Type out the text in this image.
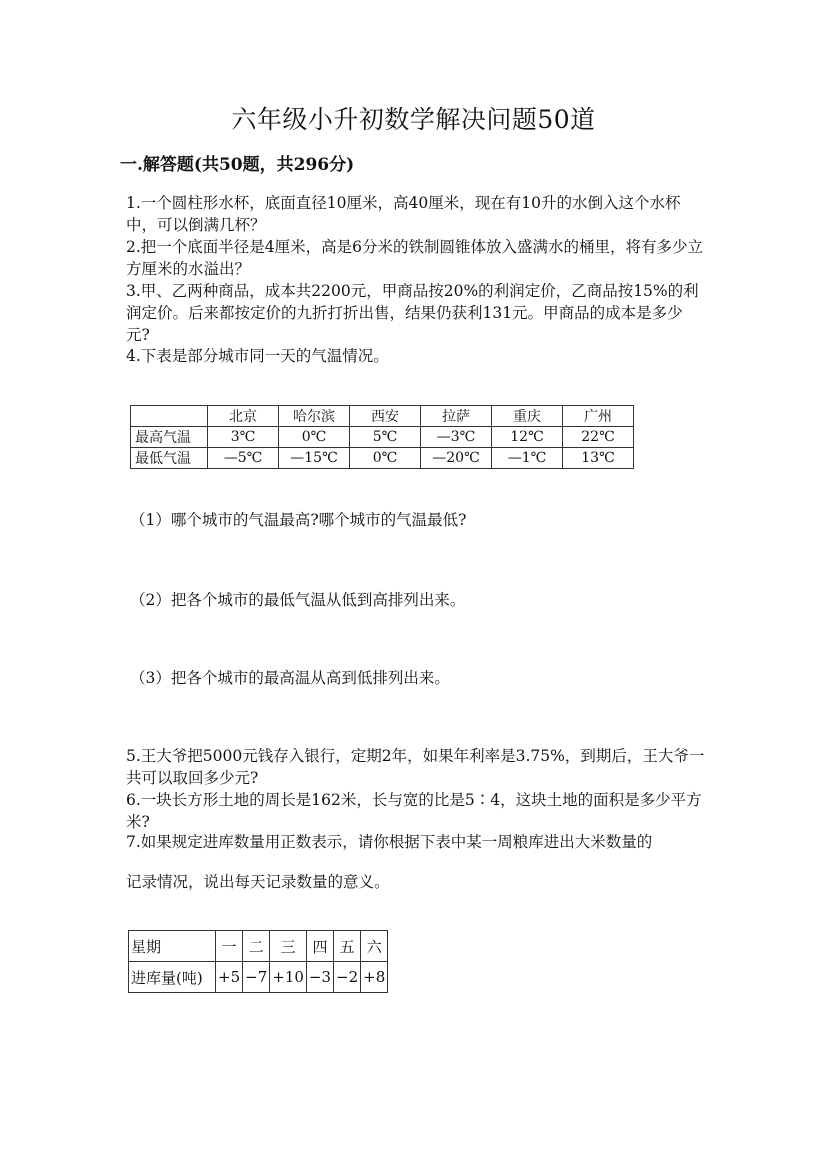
六年级小升初数学解决问题50道
一.解答题(共50题，共296分)

1.一个圆柱形水杯，底面直径10厘米，高40厘米，现在有10升的水倒入这个水杯中，可以倒满几杯？

2.把一个底面半径是4厘米，高是6分米的铁制圆锥体放入盛满水的桶里，将有多少立方厘米的水溢出？

3.甲、乙两种商品，成本共2200元，甲商品按20%的利润定价，乙商品按15%的利润定价。后来都按定价的九折打折出售，结果仍获利131元。甲商品的成本是多少元?

4.下表是部分城市同一天的气温情况。

	北京	哈尔滨	西安	拉萨	重庆	广州
最高气温	3℃	0℃	5℃	—3℃	12℃	22℃
最低气温	—5℃	—15℃	0℃	—20℃	—1℃	13℃
（1）哪个城市的气温最高?哪个城市的气温最低?
（2）把各个城市的最低气温从低到高排列出来。
（3）把各个城市的最高温从高到低排列出来。

5.王大爷把5000元钱存入银行，定期2年，如果年利率是3.75%，到期后，王大爷一共可以取回多少元?

6.一块长方形土地的周长是162米，长与宽的比是5∶4，这块土地的面积是多少平方米?

7.如果规定进库数量用正数表示，请你根据下表中某一周粮库进出大米数量的

记录情况，说出每天记录数量的意义。

星期	一	二	三	四	五	六
进库量(吨)	+5	−7	+10	−3	−2	+8
